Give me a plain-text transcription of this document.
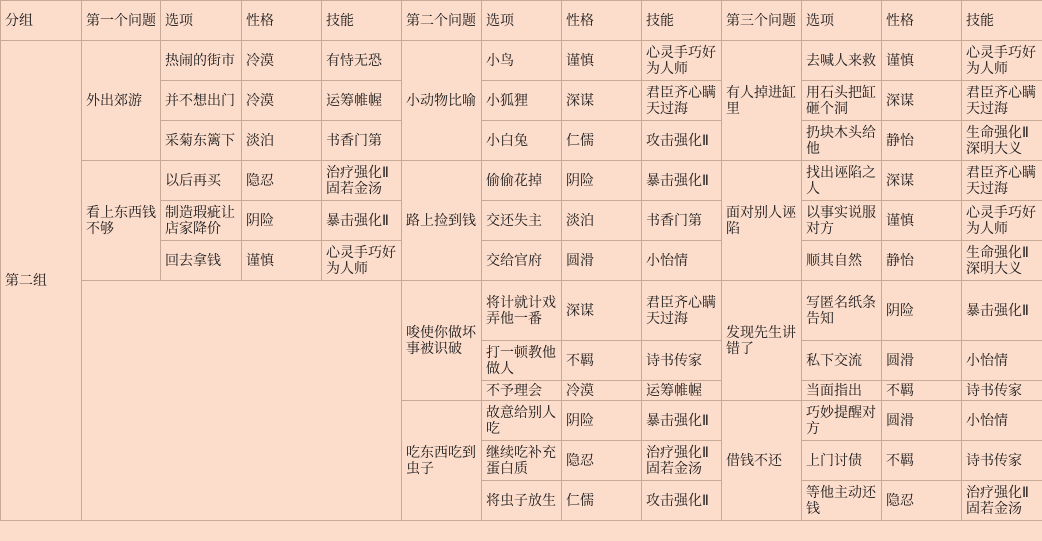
分组	第一个问题	选项	性格	技能	第二个问题	选项	性格	技能	第三个问题	选项	性格	技能
第二组	外出郊游	热闹的街市	冷漠	有恃无恐	小动物比喻	小鸟	谨慎	心灵手巧好为人师	有人掉进缸里	去喊人来救	谨慎	心灵手巧好为人师
		并不想出门	冷漠	运筹帷幄		小狐狸	深谋	君臣齐心瞒天过海		用石头把缸砸个洞	深谋	君臣齐心瞒天过海
		采菊东篱下	淡泊	书香门第		小白兔	仁儒	攻击强化Ⅱ		扔块木头给他	静怡	生命强化Ⅱ深明大义
	看上东西钱不够	以后再买	隐忍	治疗强化Ⅱ固若金汤	路上捡到钱	偷偷花掉	阴险	暴击强化Ⅱ	面对别人诬陷	找出诬陷之人	深谋	君臣齐心瞒天过海
		制造瑕疵让店家降价	阴险	暴击强化Ⅱ		交还失主	淡泊	书香门第		以事实说服对方	谨慎	心灵手巧好为人师
		回去拿钱	谨慎	心灵手巧好为人师		交给官府	圆滑	小怡情		顺其自然	静怡	生命强化Ⅱ深明大义
					唆使你做坏事被识破	将计就计戏弄他一番	深谋	君臣齐心瞒天过海	发现先生讲错了	写匿名纸条告知	阴险	暴击强化Ⅱ
						打一顿教他做人	不羁	诗书传家		私下交流	圆滑	小怡情
						不予理会	冷漠	运筹帷幄		当面指出	不羁	诗书传家
					吃东西吃到虫子	故意给别人吃	阴险	暴击强化Ⅱ	借钱不还	巧妙提醒对方	圆滑	小怡情
						继续吃补充蛋白质	隐忍	治疗强化Ⅱ固若金汤		上门讨债	不羁	诗书传家
						将虫子放生	仁儒	攻击强化Ⅱ		等他主动还钱	隐忍	治疗强化Ⅱ固若金汤
